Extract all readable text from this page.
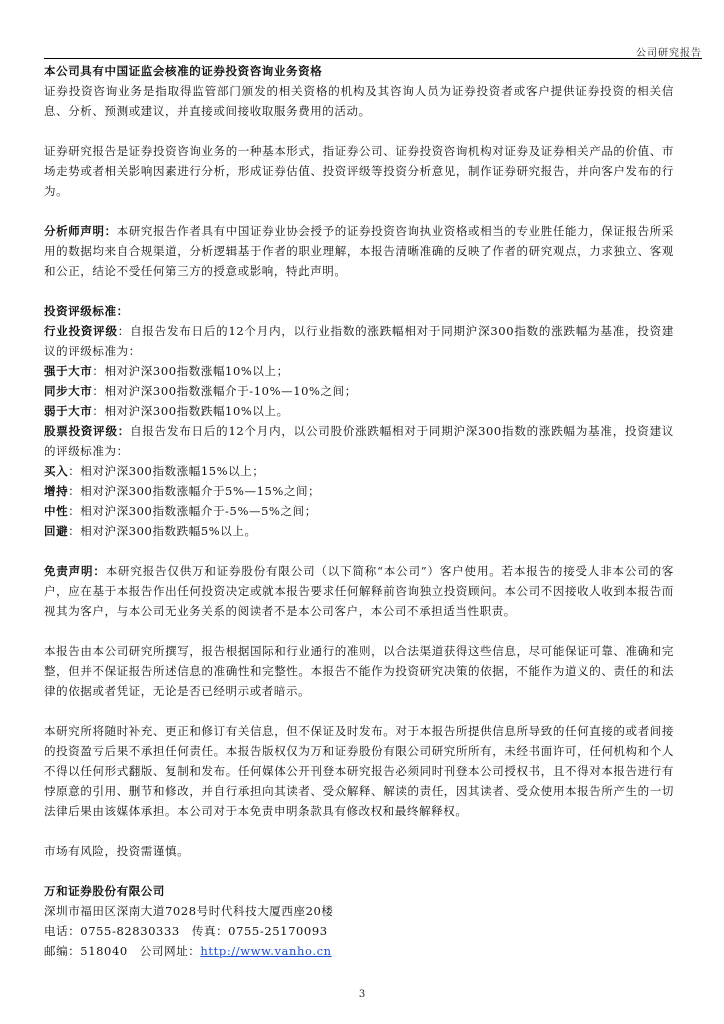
公司研究报告

本公司具有中国证监会核准的证券投资咨询业务资格

证券投资咨询业务是指取得监管部门颁发的相关资格的机构及其咨询人员为证券投资者或客户提供证券投资的相关信息、分析、预测或建议，并直接或间接收取服务费用的活动。

证券研究报告是证券投资咨询业务的一种基本形式，指证券公司、证券投资咨询机构对证券及证券相关产品的价值、市场走势或者相关影响因素进行分析，形成证券估值、投资评级等投资分析意见，制作证券研究报告，并向客户发布的行为。

分析师声明：本研究报告作者具有中国证券业协会授予的证券投资咨询执业资格或相当的专业胜任能力，保证报告所采用的数据均来自合规渠道，分析逻辑基于作者的职业理解，本报告清晰准确的反映了作者的研究观点，力求独立、客观和公正，结论不受任何第三方的授意或影响，特此声明。

投资评级标准：

行业投资评级：自报告发布日后的12个月内，以行业指数的涨跌幅相对于同期沪深300指数的涨跌幅为基准，投资建议的评级标准为：

强于大市：相对沪深300指数涨幅10%以上；

同步大市：相对沪深300指数涨幅介于-10%—10%之间；

弱于大市：相对沪深300指数跌幅10%以上。

股票投资评级：自报告发布日后的12个月内，以公司股价涨跌幅相对于同期沪深300指数的涨跌幅为基准，投资建议的评级标准为：

买入：相对沪深300指数涨幅15%以上；

增持：相对沪深300指数涨幅介于5%—15%之间；

中性：相对沪深300指数涨幅介于-5%—5%之间；

回避：相对沪深300指数跌幅5%以上。

免责声明：本研究报告仅供万和证券股份有限公司（以下简称“本公司”）客户使用。若本报告的接受人非本公司的客户，应在基于本报告作出任何投资决定或就本报告要求任何解释前咨询独立投资顾问。本公司不因接收人收到本报告而视其为客户，与本公司无业务关系的阅读者不是本公司客户，本公司不承担适当性职责。

本报告由本公司研究所撰写，报告根据国际和行业通行的准则，以合法渠道获得这些信息，尽可能保证可靠、准确和完整，但并不保证报告所述信息的准确性和完整性。本报告不能作为投资研究决策的依据，不能作为道义的、责任的和法律的依据或者凭证，无论是否已经明示或者暗示。

本研究所将随时补充、更正和修订有关信息，但不保证及时发布。对于本报告所提供信息所导致的任何直接的或者间接的投资盈亏后果不承担任何责任。本报告版权仅为万和证券股份有限公司研究所所有，未经书面许可，任何机构和个人不得以任何形式翻版、复制和发布。任何媒体公开刊登本研究报告必须同时刊登本公司授权书，且不得对本报告进行有悖原意的引用、删节和修改，并自行承担向其读者、受众解释、解读的责任，因其读者、受众使用本报告所产生的一切法律后果由该媒体承担。本公司对于本免责申明条款具有修改权和最终解释权。

市场有风险，投资需谨慎。

万和证券股份有限公司

深圳市福田区深南大道7028号时代科技大厦西座20楼

电话：0755-82830333　传真：0755-25170093

邮编：518040　公司网址：http://www.vanho.cn

3
